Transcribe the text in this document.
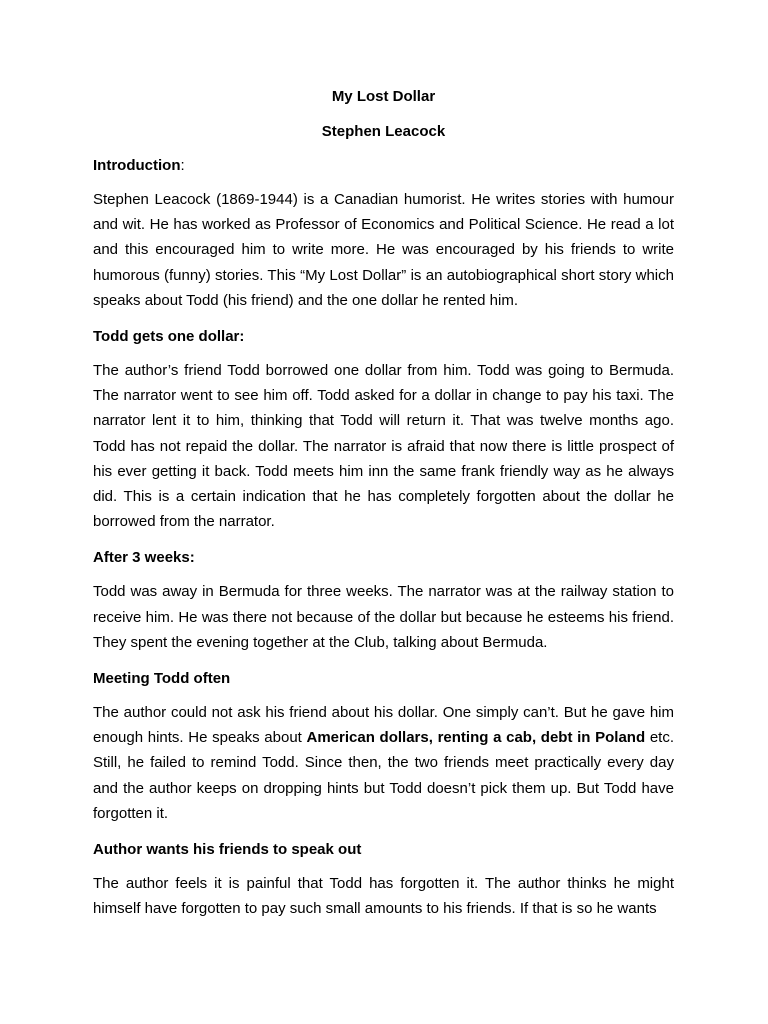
My Lost Dollar

Stephen Leacock

Introduction:

Stephen Leacock (1869-1944) is a Canadian humorist. He writes stories with humour and wit. He has worked as Professor of Economics and Political Science. He read a lot and this encouraged him to write more. He was encouraged by his friends to write humorous (funny) stories. This “My Lost Dollar” is an autobiographical short story which speaks about Todd (his friend) and the one dollar he rented him.

Todd gets one dollar:

The author’s friend Todd borrowed one dollar from him. Todd was going to Bermuda. The narrator went to see him off. Todd asked for a dollar in change to pay his taxi. The narrator lent it to him, thinking that Todd will return it. That was twelve months ago. Todd has not repaid the dollar. The narrator is afraid that now there is little prospect of his ever getting it back. Todd meets him inn the same frank friendly way as he always did. This is a certain indication that he has completely forgotten about the dollar he borrowed from the narrator.

After 3 weeks:

Todd was away in Bermuda for three weeks. The narrator was at the railway station to receive him. He was there not because of the dollar but because he esteems his friend. They spent the evening together at the Club, talking about Bermuda.

Meeting Todd often

The author could not ask his friend about his dollar. One simply can’t. But he gave him enough hints. He speaks about American dollars, renting a cab, debt in Poland etc. Still, he failed to remind Todd. Since then, the two friends meet practically every day and the author keeps on dropping hints but Todd doesn’t pick them up. But Todd have forgotten it.

Author wants his friends to speak out

The author feels it is painful that Todd has forgotten it. The author thinks he might himself have forgotten to pay such small amounts to his friends. If that is so he wants
